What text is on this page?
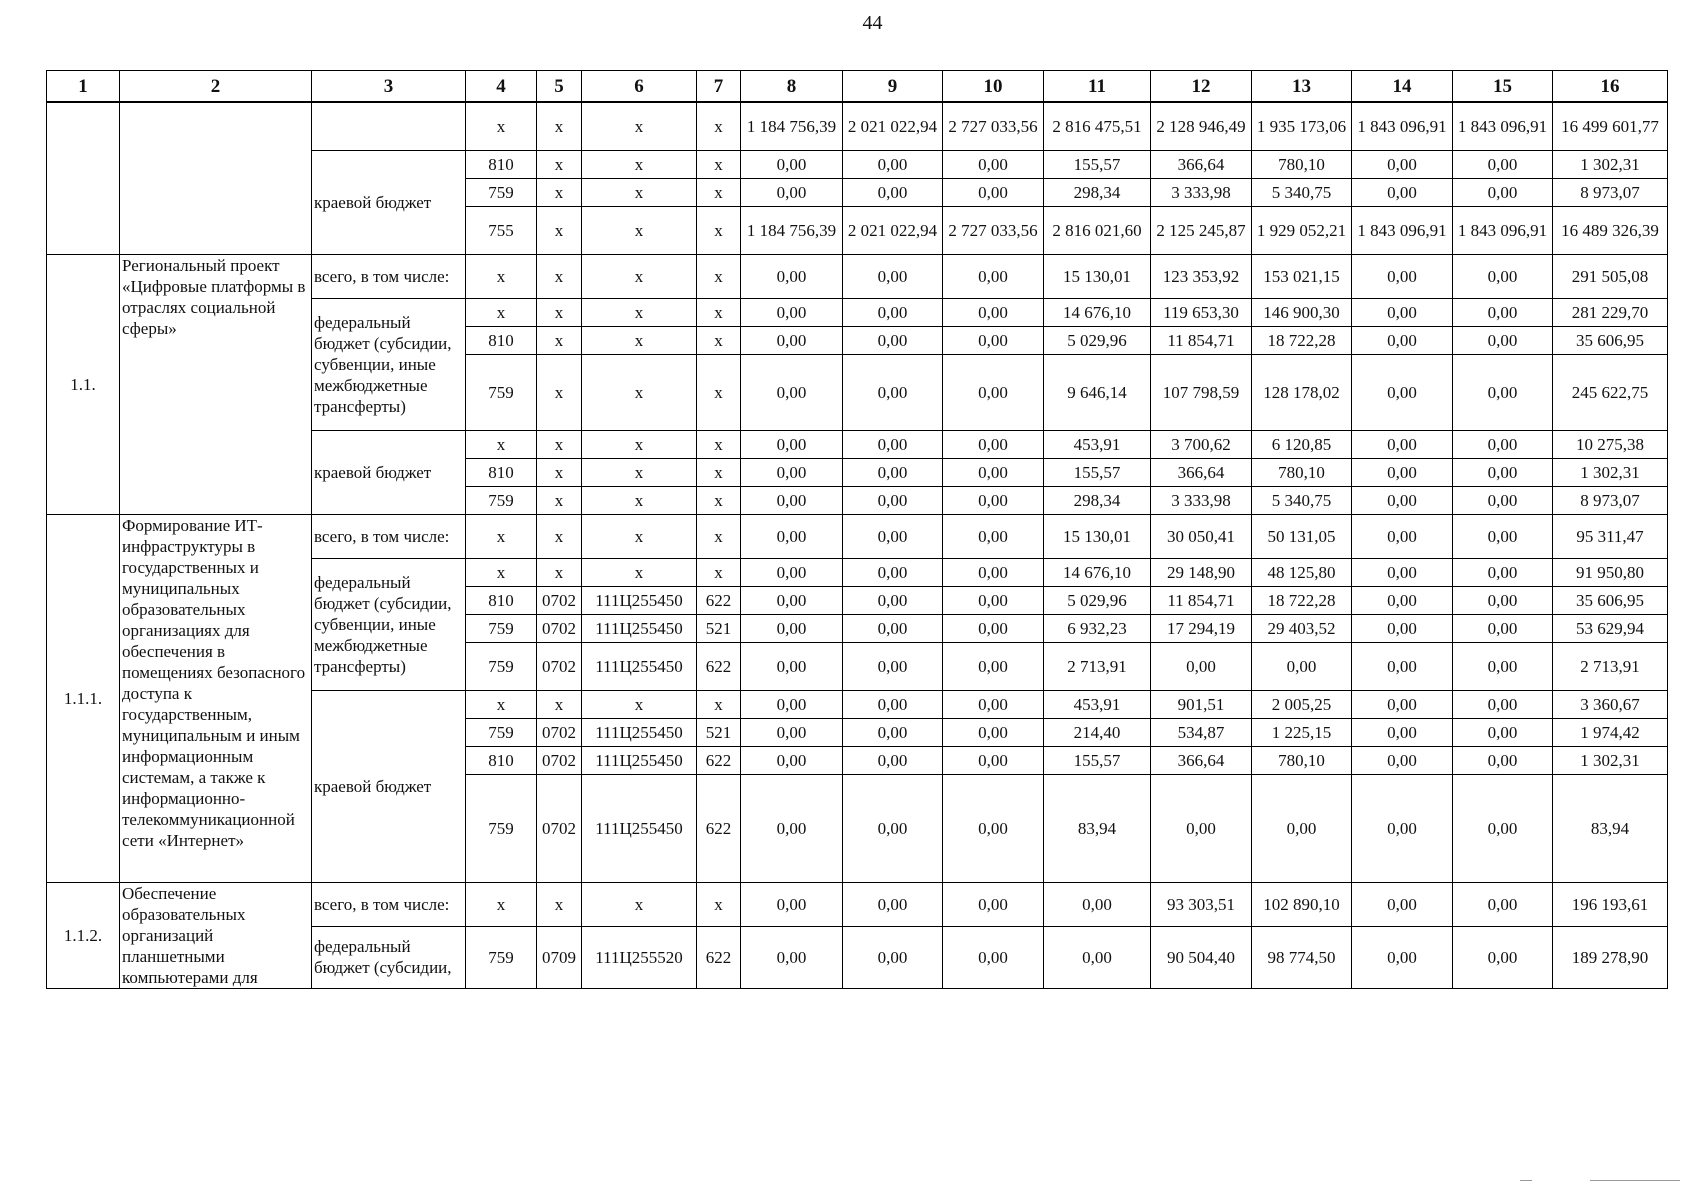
44
1	2	3	4	5	6	7	8	9	10	11	12	13	14	15	16
			х	х	х	х	1 184 756,39	2 021 022,94	2 727 033,56	2 816 475,51	2 128 946,49	1 935 173,06	1 843 096,91	1 843 096,91	16 499 601,77
		краевой бюджет	810	х	х	х	0,00	0,00	0,00	155,57	366,64	780,10	0,00	0,00	1 302,31
			759	х	х	х	0,00	0,00	0,00	298,34	3 333,98	5 340,75	0,00	0,00	8 973,07
			755	х	х	х	1 184 756,39	2 021 022,94	2 727 033,56	2 816 021,60	2 125 245,87	1 929 052,21	1 843 096,91	1 843 096,91	16 489 326,39
1.1.	Региональный проект «Цифровые платформы в отраслях социальной сферы»	всего, в том числе:	х	х	х	х	0,00	0,00	0,00	15 130,01	123 353,92	153 021,15	0,00	0,00	291 505,08
		федеральный бюджет (субсидии, субвенции, иные межбюджетные трансферты)	х	х	х	х	0,00	0,00	0,00	14 676,10	119 653,30	146 900,30	0,00	0,00	281 229,70
			810	х	х	х	0,00	0,00	0,00	5 029,96	11 854,71	18 722,28	0,00	0,00	35 606,95
			759	х	х	х	0,00	0,00	0,00	9 646,14	107 798,59	128 178,02	0,00	0,00	245 622,75
		краевой бюджет	х	х	х	х	0,00	0,00	0,00	453,91	3 700,62	6 120,85	0,00	0,00	10 275,38
			810	х	х	х	0,00	0,00	0,00	155,57	366,64	780,10	0,00	0,00	1 302,31
			759	х	х	х	0,00	0,00	0,00	298,34	3 333,98	5 340,75	0,00	0,00	8 973,07
1.1.1.	Формирование ИТ-инфраструктуры в государственных и муниципальных образовательных организациях для обеспечения в помещениях безопасного доступа к государственным, муниципальным и иным информационным системам, а также к информационно-телекоммуникационной сети «Интернет»	всего, в том числе:	х	х	х	х	0,00	0,00	0,00	15 130,01	30 050,41	50 131,05	0,00	0,00	95 311,47
		федеральный бюджет (субсидии, субвенции, иные межбюджетные трансферты)	х	х	х	х	0,00	0,00	0,00	14 676,10	29 148,90	48 125,80	0,00	0,00	91 950,80
			810	0702	111Ц255450	622	0,00	0,00	0,00	5 029,96	11 854,71	18 722,28	0,00	0,00	35 606,95
			759	0702	111Ц255450	521	0,00	0,00	0,00	6 932,23	17 294,19	29 403,52	0,00	0,00	53 629,94
			759	0702	111Ц255450	622	0,00	0,00	0,00	2 713,91	0,00	0,00	0,00	0,00	2 713,91
		краевой бюджет	х	х	х	х	0,00	0,00	0,00	453,91	901,51	2 005,25	0,00	0,00	3 360,67
			759	0702	111Ц255450	521	0,00	0,00	0,00	214,40	534,87	1 225,15	0,00	0,00	1 974,42
			810	0702	111Ц255450	622	0,00	0,00	0,00	155,57	366,64	780,10	0,00	0,00	1 302,31
			759	0702	111Ц255450	622	0,00	0,00	0,00	83,94	0,00	0,00	0,00	0,00	83,94
1.1.2.	Обеспечение образовательных организаций планшетными компьютерами для	всего, в том числе:	х	х	х	х	0,00	0,00	0,00	0,00	93 303,51	102 890,10	0,00	0,00	196 193,61
		федеральный бюджет (субсидии,	759	0709	111Ц255520	622	0,00	0,00	0,00	0,00	90 504,40	98 774,50	0,00	0,00	189 278,90
